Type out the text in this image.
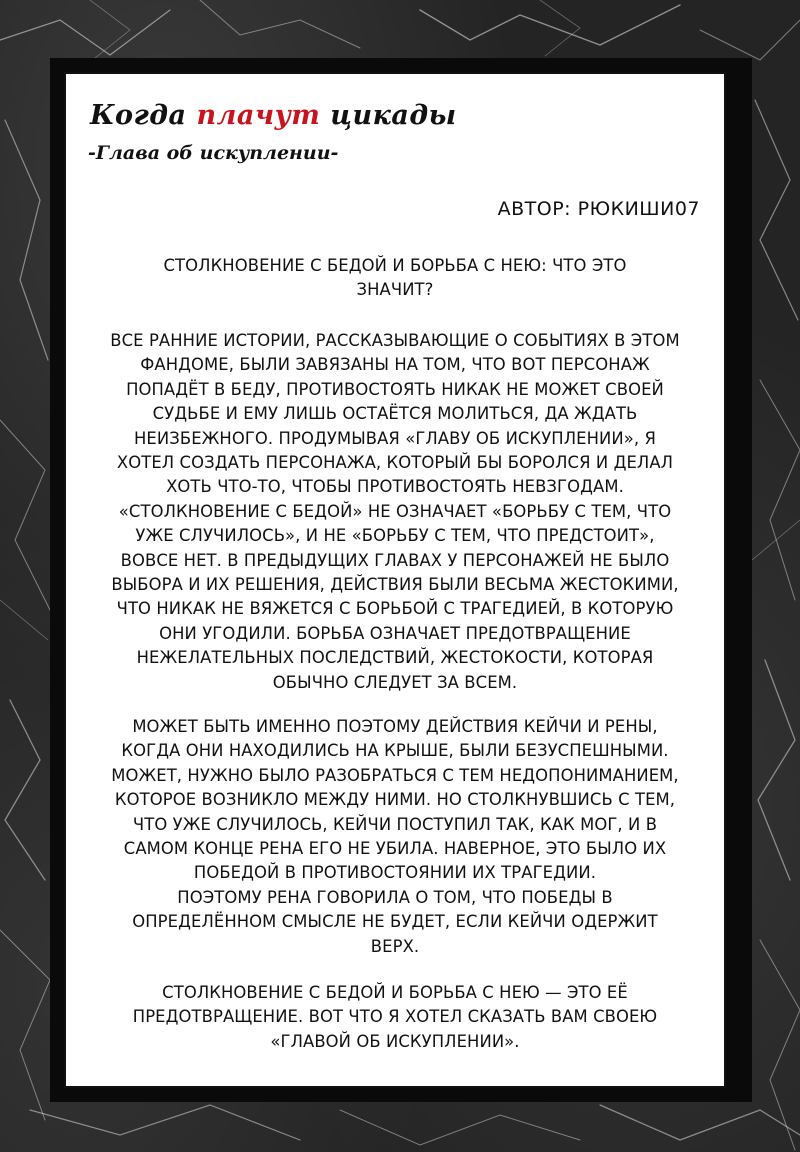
Когда плачут цикады
-Глава об искуплении-
АВТОР: РЮКИШИ07
СТОЛКНОВЕНИЕ С БЕДОЙ И БОРЬБА С НЕЮ: ЧТО ЭТО
ЗНАЧИТ?
ВСЕ РАННИЕ ИСТОРИИ, РАССКАЗЫВАЮЩИЕ О СОБЫТИЯХ В ЭТОМ
ФАНДОМЕ, БЫЛИ ЗАВЯЗАНЫ НА ТОМ, ЧТО ВОТ ПЕРСОНАЖ
ПОПАДЁТ В БЕДУ, ПРОТИВОСТОЯТЬ НИКАК НЕ МОЖЕТ СВОЕЙ
СУДЬБЕ И ЕМУ ЛИШЬ ОСТАЁТСЯ МОЛИТЬСЯ, ДА ЖДАТЬ
НЕИЗБЕЖНОГО. ПРОДУМЫВАЯ «ГЛАВУ ОБ ИСКУПЛЕНИИ», Я
ХОТЕЛ СОЗДАТЬ ПЕРСОНАЖА, КОТОРЫЙ БЫ БОРОЛСЯ И ДЕЛАЛ
ХОТЬ ЧТО-ТО, ЧТОБЫ ПРОТИВОСТОЯТЬ НЕВЗГОДАМ.
«СТОЛКНОВЕНИЕ С БЕДОЙ» НЕ ОЗНАЧАЕТ «БОРЬБУ С ТЕМ, ЧТО
УЖЕ СЛУЧИЛОСЬ», И НЕ «БОРЬБУ С ТЕМ, ЧТО ПРЕДСТОИТ»,
ВОВСЕ НЕТ. В ПРЕДЫДУЩИХ ГЛАВАХ У ПЕРСОНАЖЕЙ НЕ БЫЛО
ВЫБОРА И ИХ РЕШЕНИЯ, ДЕЙСТВИЯ БЫЛИ ВЕСЬМА ЖЕСТОКИМИ,
ЧТО НИКАК НЕ ВЯЖЕТСЯ С БОРЬБОЙ С ТРАГЕДИЕЙ, В КОТОРУЮ
ОНИ УГОДИЛИ. БОРЬБА ОЗНАЧАЕТ ПРЕДОТВРАЩЕНИЕ
НЕЖЕЛАТЕЛЬНЫХ ПОСЛЕДСТВИЙ, ЖЕСТОКОСТИ, КОТОРАЯ
ОБЫЧНО СЛЕДУЕТ ЗА ВСЕМ.
МОЖЕТ БЫТЬ ИМЕННО ПОЭТОМУ ДЕЙСТВИЯ КЕЙЧИ И РЕНЫ,
КОГДА ОНИ НАХОДИЛИСЬ НА КРЫШЕ, БЫЛИ БЕЗУСПЕШНЫМИ.
МОЖЕТ, НУЖНО БЫЛО РАЗОБРАТЬСЯ С ТЕМ НЕДОПОНИМАНИЕМ,
КОТОРОЕ ВОЗНИКЛО МЕЖДУ НИМИ. НО СТОЛКНУВШИСЬ С ТЕМ,
ЧТО УЖЕ СЛУЧИЛОСЬ, КЕЙЧИ ПОСТУПИЛ ТАК, КАК МОГ, И В
САМОМ КОНЦЕ РЕНА ЕГО НЕ УБИЛА. НАВЕРНОЕ, ЭТО БЫЛО ИХ
ПОБЕДОЙ В ПРОТИВОСТОЯНИИ ИХ ТРАГЕДИИ.
ПОЭТОМУ РЕНА ГОВОРИЛА О ТОМ, ЧТО ПОБЕДЫ В
ОПРЕДЕЛЁННОМ СМЫСЛЕ НЕ БУДЕТ, ЕСЛИ КЕЙЧИ ОДЕРЖИТ
ВЕРХ.
СТОЛКНОВЕНИЕ С БЕДОЙ И БОРЬБА С НЕЮ — ЭТО ЕЁ
ПРЕДОТВРАЩЕНИЕ. ВОТ ЧТО Я ХОТЕЛ СКАЗАТЬ ВАМ СВОЕЮ
«ГЛАВОЙ ОБ ИСКУПЛЕНИИ».
